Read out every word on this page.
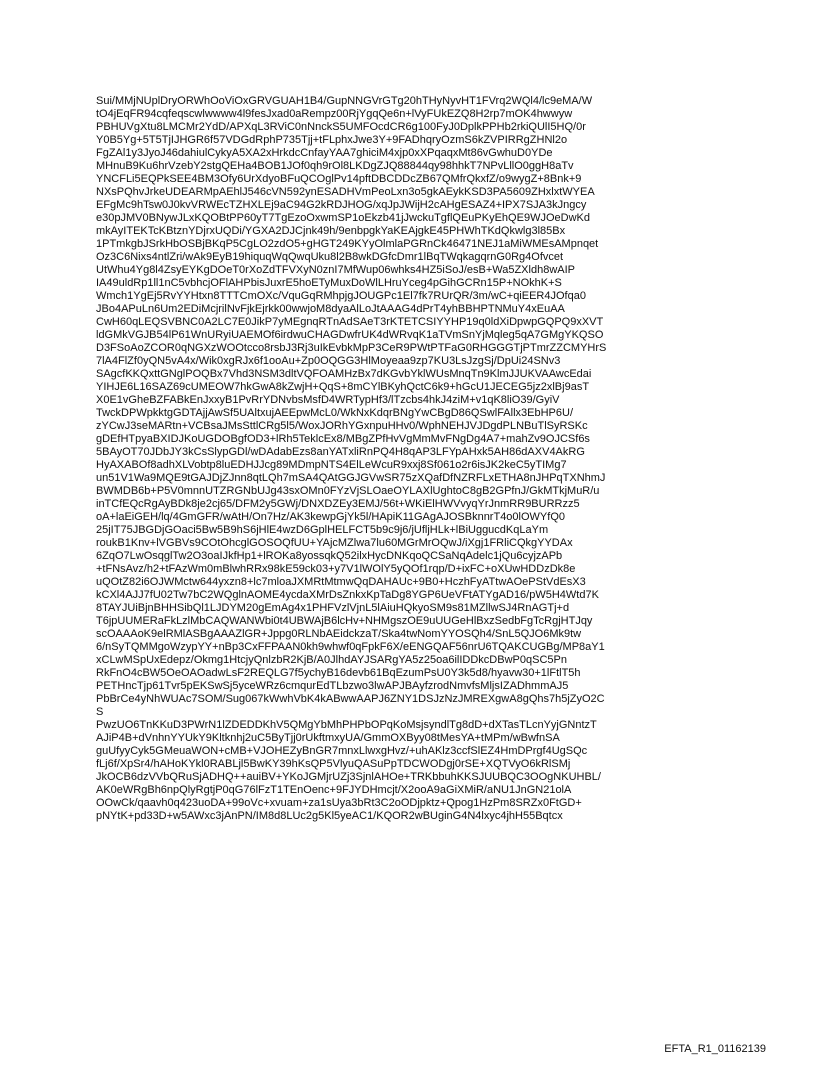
Sui/MMjNUplDryORWhOoViOxGRVGUAH1B4/GupNNGVrGTg20hTHyNyvHT1FVrq2WQl4/lc9eMA/W
tO4jEqFR94cqfeqscwlwwww4l9fesJxad0aRempz00RjYgqQe6n+lVyFUkEZQ8H2rp7mOK4hwwyw
PBHUVgXtu8LMCMr2YdD/APXqL3RViC0nNnckS5UMFOcdCR6g100FyJ0DplkPPHb2rkiQUlI5HQ/0r
Y0B5Yg+5T5TjIJHGR6f57VDGdRphP735Tjj+tFLphxJwe3Y+9FADhqryOzmS6kZVPIRRgZHNl2o
FgZAl1y3JyoJ46dahiulCykyA5XA2xHrkdcCnfayYAA7ghiciM4xjp0xXPqaqxMt86vGwhuD0YDe
MHnuB9Ku6hrVzebY2stgQEHa4BOB1JOf0qh9rOl8LKDgZJQ88844qy98hhkT7NPvLllO0ggH8aTv
YNCFLi5EQPkSEE4BM3Ofy6UrXdyoBFuQCOglPv14pftDBCDDcZB67QMfrQkxfZ/o9wygZ+8Bnk+9
NXsPQhvJrkeUDEARMpAEhlJ546cVN592ynESADHVmPeoLxn3o5gkAEykKSD3PA5609ZHxlxtWYEA
EFgMc9hTsw0J0kvVRWEcTZHXLEj9aC94G2kRDJHOG/xqJpJWijH2cAHgESAZ4+IPX7SJA3kJngcy
e30pJMV0BNywJLxKQOBtPP60yT7TgEzoOxwmSP1oEkzb41jJwckuTgflQEuPKyEhQE9WJOeDwKd
mkAyITEKTcKBtznYDjrxUQDi/YGXA2DJCjnk49h/9enbpgkYaKEAjgkE45PHWhTKdQkwlg3l85Bx
1PTmkgbJSrkHbOSBjBKqP5CgLO2zdO5+gHGT249KYyOlmlaPGRnCk46471NEJ1aMiWMEsAMpnqet
Oz3C6Nixs4ntlZri/wAk9EyB19hiquqWqQwqUku8l2B8wkDGfcDmr1lBqTWqkagqrnG0Rg4Ofvcet
UtWhu4Yg8l4ZsyEYKgDOeT0rXoZdTFVXyN0znI7MfWup06whks4HZ5iSoJ/esB+Wa5ZXldh8wAIP
IA49uldRp1ll1nC5vbhcjOFlAHPbisJuxrE5hoETyMuxDoWlLHruYceg4pGihGCRn15P+NOkhK+S
Wmch1YgEj5RvYYHtxn8TTTCmOXc/VquGqRMhpjgJOUGPc1El7fk7RUrQR/3m/wC+qiEER4JOfqa0
JBo4APuLn6Um2EDiMcjrilNvFjkEjrkk00wwjoM8dyaAlLoJtAAAG4dPrT4yhBBHPTNMuY4xEuAA
CwH60qLEQSVBNC0A2LC7E0JikP7yMEgnqRTnAdSAeT3rKTETCSIYYHP19q0ldXiDpwpGQPQ9xXVT
ldGMkVGJB54lP61WnURyiUAEMOf6irdwuCHAGDwfrUK4dWRvqK1aTVmSnYjMqleg5qA7GMgYKQSO
D3FSoAoZCOR0qNGXzWOOtcco8rsbJ3Rj3uIkEvbkMpP3CeR9PWtPTFaG0RHGGGTjPTmrZZCMYHrS
7lA4FlZf0yQN5vA4x/Wik0xgRJx6f1ooAu+Zp0OQGG3HlMoyeaa9zp7KU3LsJzgSj/DpUi24SNv3
SAgcfKKQxttGNglPOQBx7Vhd3NSM3dltVQFOAMHzBx7dKGvbYklWUsMnqTn9KlmJJUKVAAwcEdai
YIHJE6L16SAZ69cUMEOW7hkGwA8kZwjH+QqS+8mCYlBKyhQctC6k9+hGcU1JECEG5jz2xlBj9asT
X0E1vGheBZFABkEnJxxyB1PvRrYDNvbsMsfD4WRTypHf3/lTzcbs4hkJ4ziM+v1qK8liO39/GyiV
TwckDPWpkktgGDTAjjAwSf5UAltxujAEEpwMcL0/WkNxKdqrBNgYwCBgD86QSwlFAllx3EbHP6U/
zYCwJ3seMARtn+VCBsaJMsSttlCRg5l5/WoxJORhYGxnpuHHv0/WphNEHJVJDgdPLNBuTlSyRSKc
gDEfHTpyaBXIDJKoUGDOBgfOD3+lRh5TeklcEx8/MBgZPfHvVgMmMvFNgDg4A7+mahZv9OJCSf6s
5BAyOT70JDbJY3kCsSlypGDl/wDAdabEzs8anYATxliRnPQ4H8qAP3LFYpAHxk5AH86dAXV4AkRG
HyAXABOf8adhXLVobtp8luEDHJJcg89MDmpNTS4ElLeWcuR9xxj8Sf061o2r6isJK2keC5yTIMg7
un51V1Wa9MQE9tGAJDjZJnn8qtLQh7mSA4QAtGGJGVwSR75zXQafDfNZRFLxETHA8nJHPqTXNhmJ
BWMDB6b+P5V0mnnUTZRGNbUJg43sxOMn0FYzVjSLOaeOYLAXlUghtoC8gB2GPfnJ/GkMTkjMuR/u
inTCfEQcRgAyBDk8je2cj65/DFM2y5GWj/DNXDZEy3EMJ/56t+WKiElHWVvyqYrJnmRR9BURRzz5
oA+laEiGEH/lq/4GmGFR/wAtH/On7Hz/AK3kewpGjYk5l/HApiK11GAgAJOSBknnrT4o0lOWYfQ0
25jIT75JBGDjGOaci5Bw5B9hS6jHlE4wzD6GplHELFCT5b9c9j6/jUfljHLk+lBiUggucdKqLaYm
roukB1Knv+lVGBVs9COtOhcglGOSOQfUU+YAjcMZlwa7lu60MGrMrOQwJ/iXgj1FRliCQkgYYDAx
6ZqO7LwOsqglTw2O3oaIJkfHp1+lROKa8yossqkQ52ilxHycDNKqoQCSaNqAdelc1jQu6cyjzAPb
+tFNsAvz/h2+tFAzWm0mBlwhRRx98kE59ck03+y7V1lWOlY5yQOf1rqp/D+ixFC+oXUwHDDzDk8e
uQOtZ82i6OJWMctw644yxzn8+lc7mloaJXMRtMtmwQqDAHAUc+9B0+HczhFyATtwAOePStVdEsX3
kCXl4AJJ7fU02Tw7bC2WQglnAOME4ycdaXMrDsZnkxKpTaDg8YGP6UeVFtATYgAD16/pW5H4Wtd7K
8TAYJUiBjnBHHSibQl1LJDYM20gEmAg4x1PHFVzlVjnL5lAiuHQkyoSM9s81MZllwSJ4RnAGTj+d
T6jpUUMERaFkLzlMbCAQWANWbi0t4UBWAjB6lcHv+NHMgszOE9uUUGeHlBxzSedbFgTcRgjHTJqy
scOAAAoK9elRMlASBgAAAZlGR+Jppg0RLNbAEidckzaT/Ska4twNomYYOSQh4/SnL5QJO6Mk9tw
6/nSyTQMMgoWzypYY+nBp3CxFFPAAN0kh9whwf0qFpkF6X/eENGQAF56nrU6TQAKCUGBg/MP8aY1
xCLwMSpUxEdepz/Okmg1HtcjyQnlzbR2KjB/A0JlhdAYJSARgYA5z25oa6ilIDDkcDBwP0qSC5Pn
RkFnO4cBW5OeOAOadwLsF2REQLG7f5ychyB16devb61BqEzumPsU0Y3k5d8/hyavw30+1lFtlT5h
PETHncTjp61Tvr5pEKSwSj5yceWRz6cmqurEdTLbzwo3lwAPJBAyfzrodNmvfsMljsIZADhmmAJ5
PbBrCe4yNhWUAc7SOM/Sug067kWwhVbK4kABwwAAPJ6ZNY1DSJzNzJMREXgwA8gQhs7h5jZyO2C
S
PwzUO6TnKKuD3PWrN1lZDEDDKhV5QMgYbMhPHPbOPqKoMsjsyndlTg8dD+dXTasTLcnYyjGNntzT
AJiP4B+dVnhnYYUkY9Kltknhj2uC5ByTjj0rUkftmxyUA/GmmOXByy08tMesYA+tMPm/wBwfnSA
guUfyyCyk5GMeuaWON+cMB+VJOHEZyBnGR7mnxLlwxgHvz/+uhAKlz3ccfSlEZ4HmDPrgf4UgSQc
fLj6f/XpSr4/hAHoKYkl0RABLjl5BwKY39hKsQP5VlyuQASuPpTDCWODgj0rSE+XQTVyO6kRlSMj
JkOCB6dzVVbQRuSjADHQ++auiBV+YKoJGMjrUZj3SjnlAHOe+TRKbbuhKKSJUUBQC3OOgNKUHBL/
AK0eWRgBh6npQlyRgtjP0qG76lFzT1TEnOenc+9FJYDHmcjt/X2ooA9aGiXMiR/aNU1JnGN21olA
OOwCk/qaavh0q423uoDA+99oVc+xvuam+za1sUya3bRt3C2oODjpktz+Qpog1HzPm8SRZx0FtGD+
pNYtK+pd33D+w5AWxc3jAnPN/IM8d8LUc2g5Kl5yeAC1/KQOR2wBUginG4N4lxyc4jhH55Bqtcx
EFTA_R1_01162139
